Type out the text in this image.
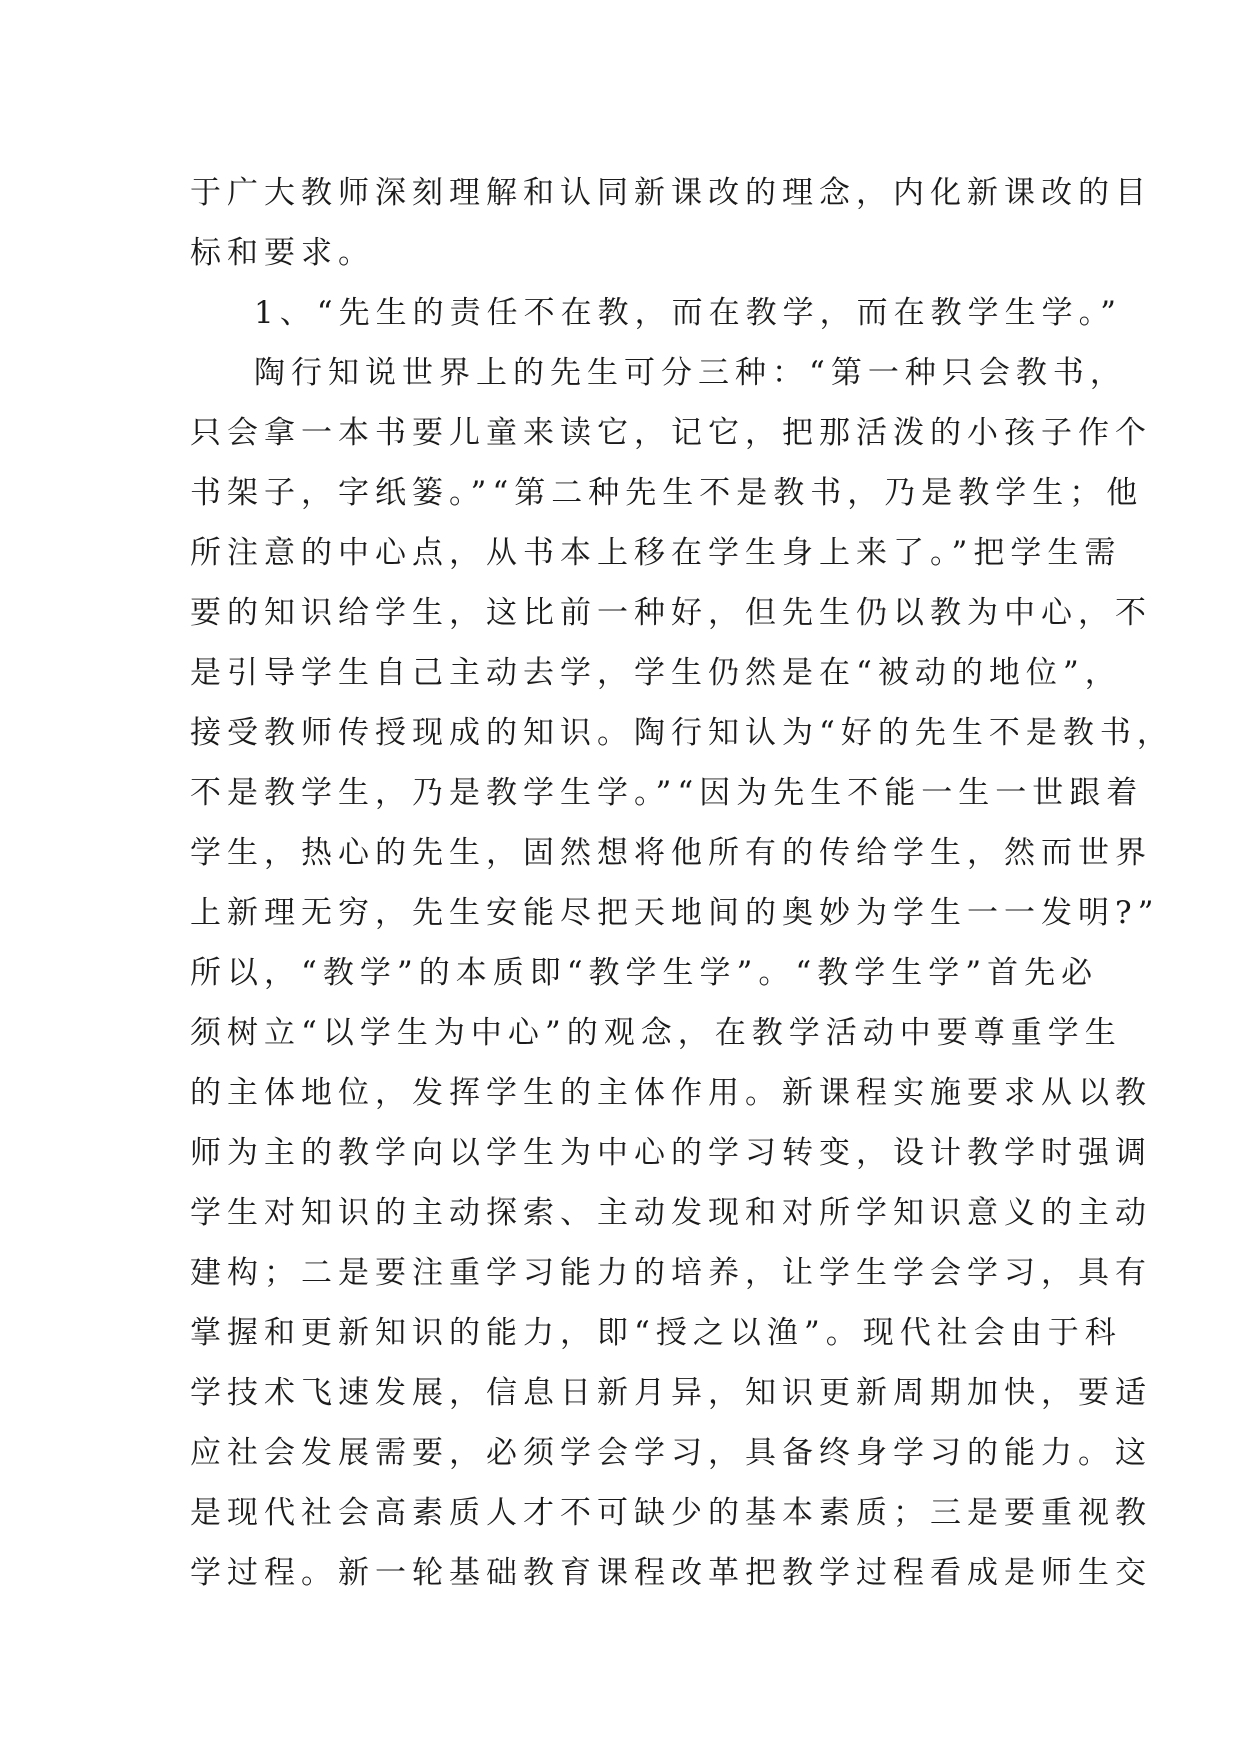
于广大教师深刻理解和认同新课改的理念，内化新课改的目
标和要求。
1、“先生的责任不在教，而在教学，而在教学生学。”
陶行知说世界上的先生可分三种：“第一种只会教书，
只会拿一本书要儿童来读它，记它，把那活泼的小孩子作个
书架子，字纸篓。”“第二种先生不是教书，乃是教学生；他
所注意的中心点，从书本上移在学生身上来了。”把学生需
要的知识给学生，这比前一种好，但先生仍以教为中心，不
是引导学生自己主动去学，学生仍然是在“被动的地位”，
接受教师传授现成的知识。陶行知认为“好的先生不是教书，
不是教学生，乃是教学生学。”“因为先生不能一生一世跟着
学生，热心的先生，固然想将他所有的传给学生，然而世界
上新理无穷，先生安能尽把天地间的奥妙为学生一一发明?”
所以，“教学”的本质即“教学生学”。“教学生学”首先必
须树立“以学生为中心”的观念，在教学活动中要尊重学生
的主体地位，发挥学生的主体作用。新课程实施要求从以教
师为主的教学向以学生为中心的学习转变，设计教学时强调
学生对知识的主动探索、主动发现和对所学知识意义的主动
建构；二是要注重学习能力的培养，让学生学会学习，具有
掌握和更新知识的能力，即“授之以渔”。现代社会由于科
学技术飞速发展，信息日新月异，知识更新周期加快，要适
应社会发展需要，必须学会学习，具备终身学习的能力。这
是现代社会高素质人才不可缺少的基本素质；三是要重视教
学过程。新一轮基础教育课程改革把教学过程看成是师生交
